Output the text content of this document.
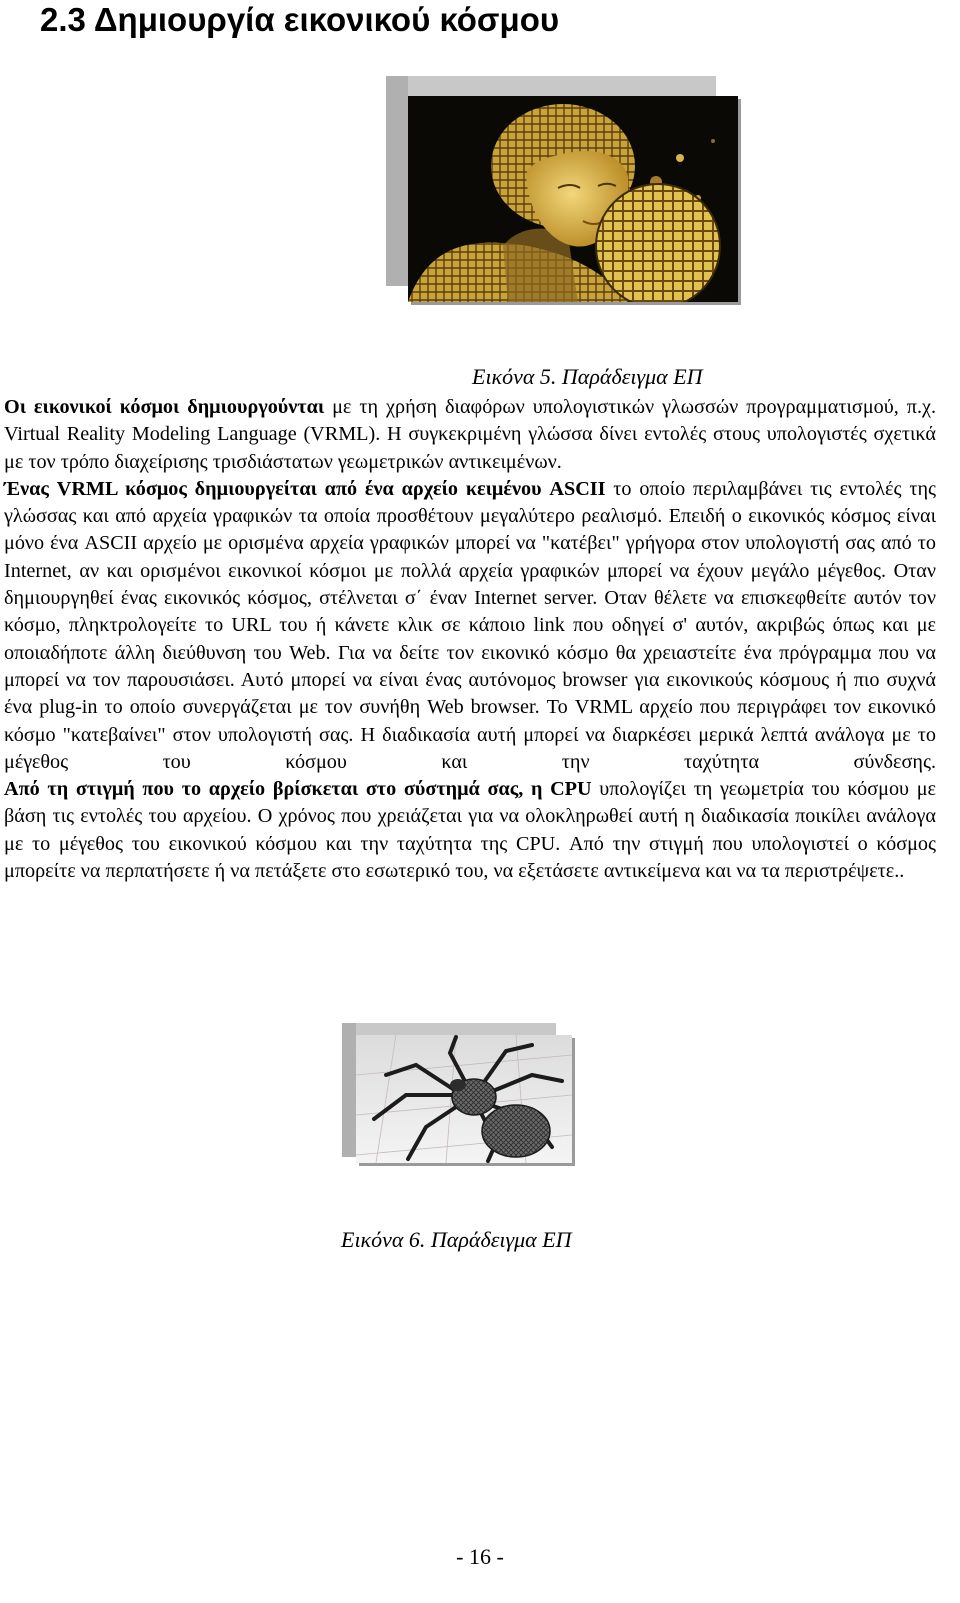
2.3 Δημιουργία εικονικού κόσμου

Εικόνα 5. Παράδειγμα ΕΠ

Οι εικονικοί κόσμοι δημιουργούνται με τη χρήση διαφόρων υπολογιστικών γλωσσών προγραμματισμού, π.χ. Virtual Reality Modeling Language (VRML). Η συγκεκριμένη γλώσσα δίνει εντολές στους υπολογιστές σχετικά με τον τρόπο διαχείρισης τρισδιάστατων γεωμετρικών αντικειμένων.

Ένας VRML κόσμος δημιουργείται από ένα αρχείο κειμένου ASCII το οποίο περιλαμβάνει τις εντολές της γλώσσας και από αρχεία γραφικών τα οποία προσθέτουν μεγαλύτερο ρεαλισμό. Επειδή ο εικονικός κόσμος είναι μόνο ένα ASCII αρχείο με ορισμένα αρχεία γραφικών μπορεί να "κατέβει" γρήγορα στον υπολογιστή σας από το Internet, αν και ορισμένοι εικονικοί κόσμοι με πολλά αρχεία γραφικών μπορεί να έχουν μεγάλο μέγεθος. Οταν δημιουργηθεί ένας εικονικός κόσμος, στέλνεται σ΄ έναν Internet server. Οταν θέλετε να επισκεφθείτε αυτόν τον κόσμο, πληκτρολογείτε το URL του ή κάνετε κλικ σε κάποιο link που οδηγεί σ' αυτόν, ακριβώς όπως και με οποιαδήποτε άλλη διεύθυνση του Web. Για να δείτε τον εικονικό κόσμο θα χρειαστείτε ένα πρόγραμμα που να μπορεί να τον παρουσιάσει. Αυτό μπορεί να είναι ένας αυτόνομος browser για εικονικούς κόσμους ή πιο συχνά ένα plug-in το οποίο συνεργάζεται με τον συνήθη Web browser. Το VRML αρχείο που περιγράφει τον εικονικό κόσμο "κατεβαίνει" στον υπολογιστή σας. Η διαδικασία αυτή μπορεί να διαρκέσει μερικά λεπτά ανάλογα με το μέγεθος του κόσμου και την ταχύτητα σύνδεσης.

Από τη στιγμή που το αρχείο βρίσκεται στο σύστημά σας, η CPU υπολογίζει τη γεωμετρία του κόσμου με βάση τις εντολές του αρχείου. Ο χρόνος που χρειάζεται για να ολοκληρωθεί αυτή η διαδικασία ποικίλει ανάλογα με το μέγεθος του εικονικού κόσμου και την ταχύτητα της CPU. Από την στιγμή που υπολογιστεί ο κόσμος μπορείτε να περπατήσετε ή να πετάξετε στο εσωτερικό του, να εξετάσετε αντικείμενα και να τα περιστρέψετε..

Εικόνα 6. Παράδειγμα ΕΠ

- 16 -
